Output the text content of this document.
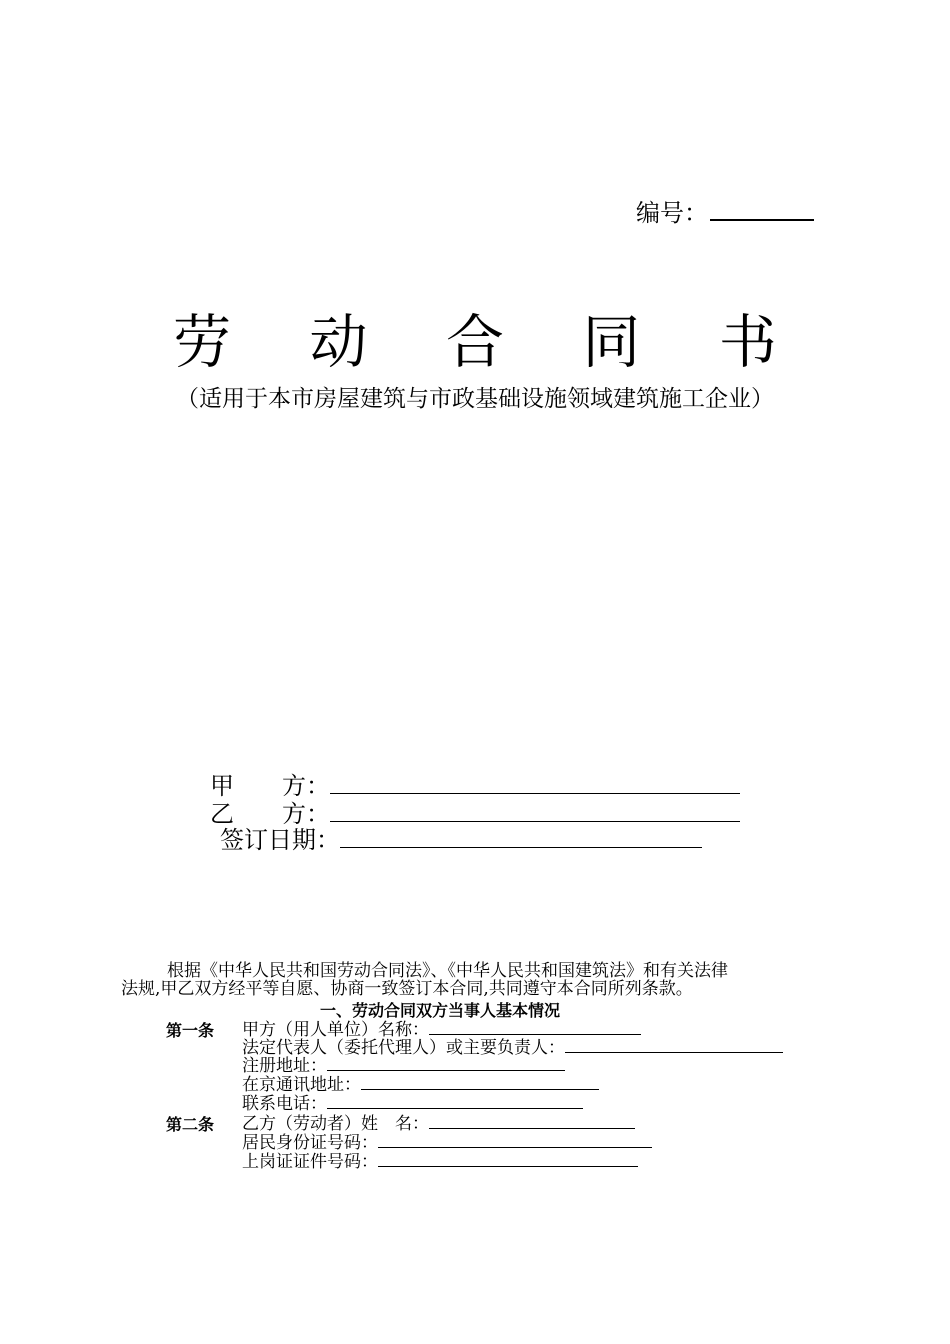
编号：
劳 动 合 同 书
（适用于本市房屋建筑与市政基础设施领域建筑施工企业）
甲　　方：
乙　　方：
签订日期：
根据《中华人民共和国劳动合同法》、《中华人民共和国建筑法》和有关法律
法规,甲乙双方经平等自愿、协商一致签订本合同,共同遵守本合同所列条款。
一、劳动合同双方当事人基本情况
第一条 甲方（用人单位）名称：
法定代表人（委托代理人）或主要负责人：
注册地址：
在京通讯地址：
联系电话：
第二条 乙方（劳动者）姓　名：
居民身份证号码：
上岗证证件号码：
